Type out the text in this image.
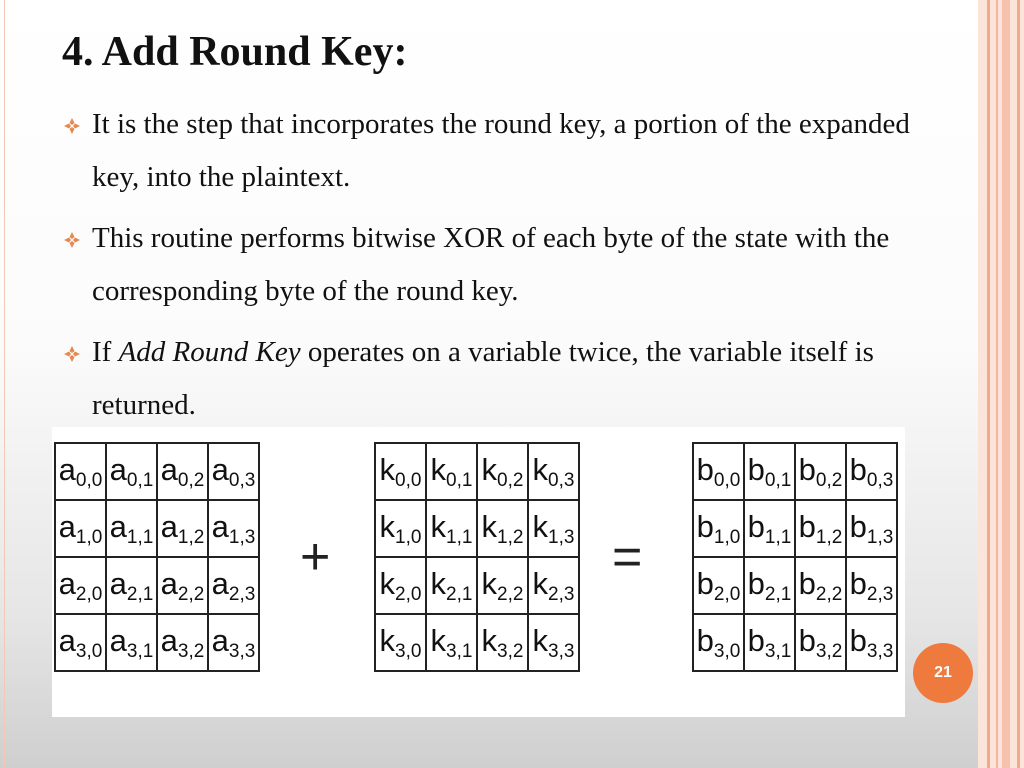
4. Add Round Key:
It is the step that incorporates the round key, a portion of the expanded key, into the plaintext.
This routine performs bitwise XOR of each byte of the state with the corresponding byte of the round key.
If Add Round Key operates on a variable twice, the variable itself is returned.
$a_{0,0}$	$a_{0,1}$	$a_{0,2}$	$a_{0,3}$
$a_{1,0}$	$a_{1,1}$	$a_{1,2}$	$a_{1,3}$
$a_{2,0}$	$a_{2,1}$	$a_{2,2}$	$a_{2,3}$
$a_{3,0}$	$a_{3,1}$	$a_{3,2}$	$a_{3,3}$
+
$k_{0,0}$	$k_{0,1}$	$k_{0,2}$	$k_{0,3}$
$k_{1,0}$	$k_{1,1}$	$k_{1,2}$	$k_{1,3}$
$k_{2,0}$	$k_{2,1}$	$k_{2,2}$	$k_{2,3}$
$k_{3,0}$	$k_{3,1}$	$k_{3,2}$	$k_{3,3}$
=
$b_{0,0}$	$b_{0,1}$	$b_{0,2}$	$b_{0,3}$
$b_{1,0}$	$b_{1,1}$	$b_{1,2}$	$b_{1,3}$
$b_{2,0}$	$b_{2,1}$	$b_{2,2}$	$b_{2,3}$
$b_{3,0}$	$b_{3,1}$	$b_{3,2}$	$b_{3,3}$
21
